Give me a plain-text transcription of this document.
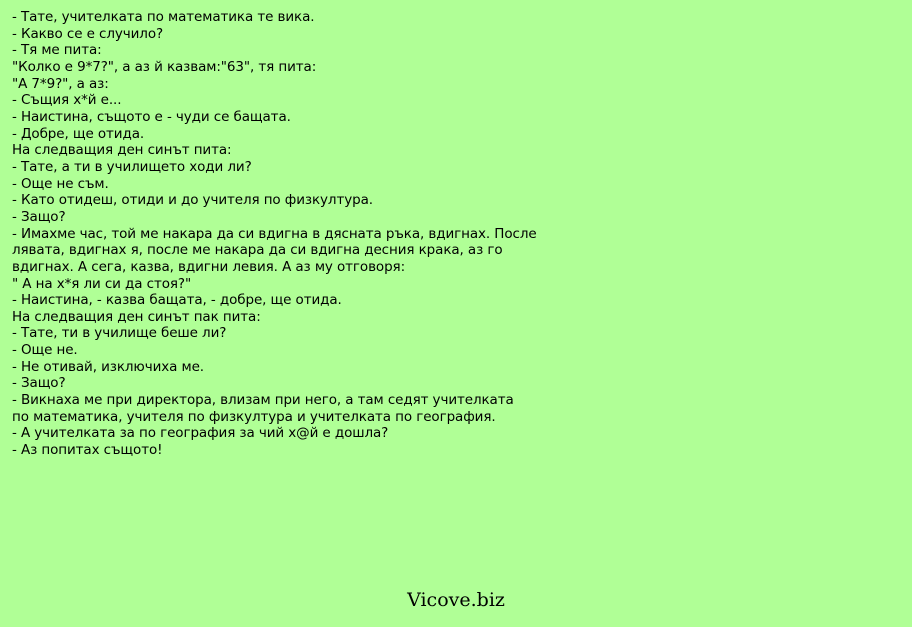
- Тате, учителката по математика те вика.
- Какво се е случило?
- Тя ме пита:
"Колко е 9*7?", а аз й казвам:"63", тя пита:
"А 7*9?", а аз:
- Същия х*й е...
- Наистина, същото е - чуди се бащата.
- Добре, ще отида.
На следващия ден синът пита:
- Тате, а ти в училището ходи ли?
- Още не съм.
- Като отидеш, отиди и до учителя по физкултура.
- Защо?
- Имахме час, той ме накара да си вдигна в дясната ръка, вдигнах. После
лявата, вдигнах я, после ме накара да си вдигна десния крака, аз го
вдигнах. А сега, казва, вдигни левия. А аз му отговоря:
" А на х*я ли си да стоя?"
- Наистина, - казва бащата, - добре, ще отида.
На следващия ден синът пак пита:
- Тате, ти в училище беше ли?
- Още не.
- Не отивай, изключиха ме.
- Защо?
- Викнаха ме при директора, влизам при него, а там седят учителката
по математика, учителя по физкултура и учителката по география.
- А учителката за по география за чий х@й е дошла?
- Аз попитах същото!
Vicove.biz
